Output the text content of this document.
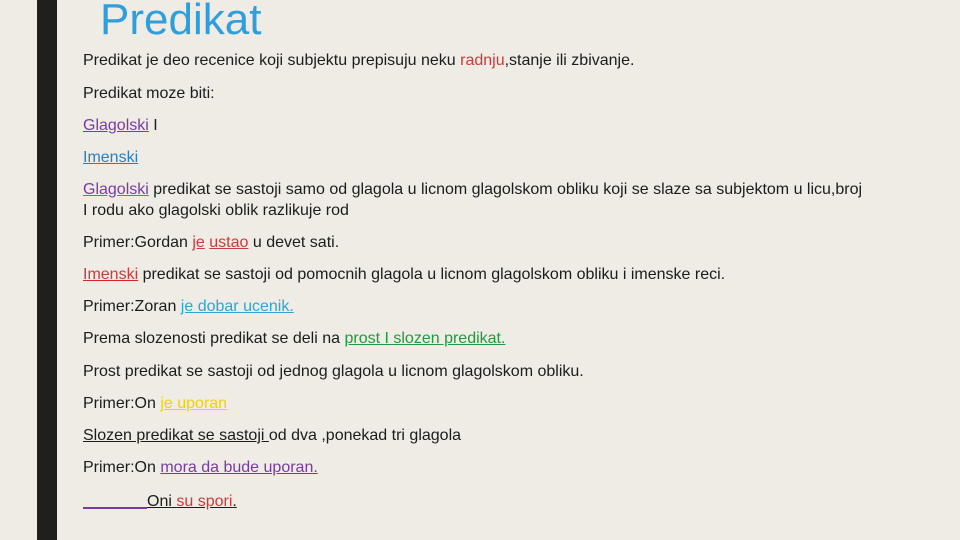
Predikat
Predikat je deo recenice koji subjektu prepisuju neku radnju,stanje ili zbivanje.
Predikat moze biti:
Glagolski I
Imenski
Glagolski predikat se sastoji samo od glagola u licnom glagolskom obliku koji se slaze sa subjektom u licu,broj
I rodu ako glagolski oblik razlikuje rod
Primer:Gordan je ustao u devet sati.
Imenski predikat se sastoji od pomocnih glagola u licnom glagolskom obliku i imenske reci.
Primer:Zoran je dobar ucenik.
Prema slozenosti predikat se deli na prost I slozen predikat.
Prost predikat se sastoji od jednog glagola u licnom glagolskom obliku.
Primer:On je uporan
Slozen predikat se sastoji od dva ,ponekad tri glagola
Primer:On mora da bude uporan.
Oni su spori.
